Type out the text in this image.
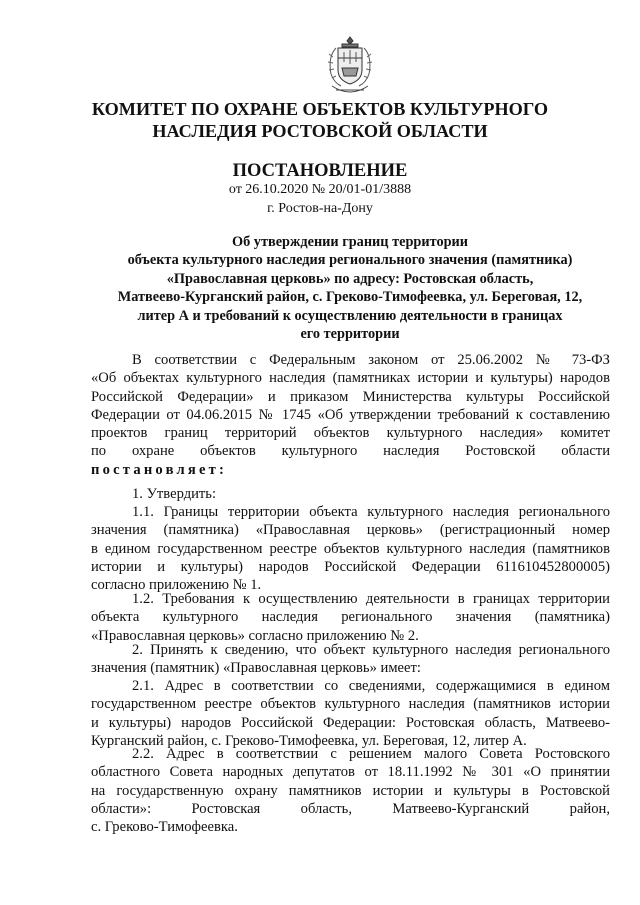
КОМИТЕТ ПО ОХРАНЕ ОБЪЕКТОВ КУЛЬТУРНОГО
НАСЛЕДИЯ РОСТОВСКОЙ ОБЛАСТИ
ПОСТАНОВЛЕНИЕ
от 26.10.2020 № 20/01-01/3888
г. Ростов-на-Дону
Об утверждении границ территории
объекта культурного наследия регионального значения (памятника)
«Православная церковь» по адресу: Ростовская область,
Матвеево-Курганский район, с. Греково-Тимофеевка, ул. Береговая, 12,
литер А и требований к осуществлению деятельности в границах
его территории
В соответствии с Федеральным законом от 25.06.2002 № 73-ФЗ
«Об объектах культурного наследия (памятниках истории и культуры) народов
Российской Федерации» и приказом Министерства культуры Российской
Федерации от 04.06.2015 № 1745 «Об утверждении требований к составлению
проектов границ территорий объектов культурного наследия» комитет
по охране объектов культурного наследия Ростовской области
постановляет:
1. Утвердить:
1.1. Границы территории объекта культурного наследия регионального
значения (памятника) «Православная церковь» (регистрационный номер
в едином государственном реестре объектов культурного наследия (памятников
истории и культуры) народов Российской Федерации 611610452800005)
согласно приложению № 1.
1.2. Требования к осуществлению деятельности в границах территории
объекта культурного наследия регионального значения (памятника)
«Православная церковь» согласно приложению № 2.
2. Принять к сведению, что объект культурного наследия регионального
значения (памятник) «Православная церковь» имеет:
2.1. Адрес в соответствии со сведениями, содержащимися в едином
государственном реестре объектов культурного наследия (памятников истории
и культуры) народов Российской Федерации: Ростовская область, Матвеево-
Курганский район, с. Греково-Тимофеевка, ул. Береговая, 12, литер А.
2.2. Адрес в соответствии с решением малого Совета Ростовского
областного Совета народных депутатов от 18.11.1992 № 301 «О принятии
на государственную охрану памятников истории и культуры в Ростовской
области»: Ростовская область, Матвеево-Курганский район,
с. Греково-Тимофеевка.
